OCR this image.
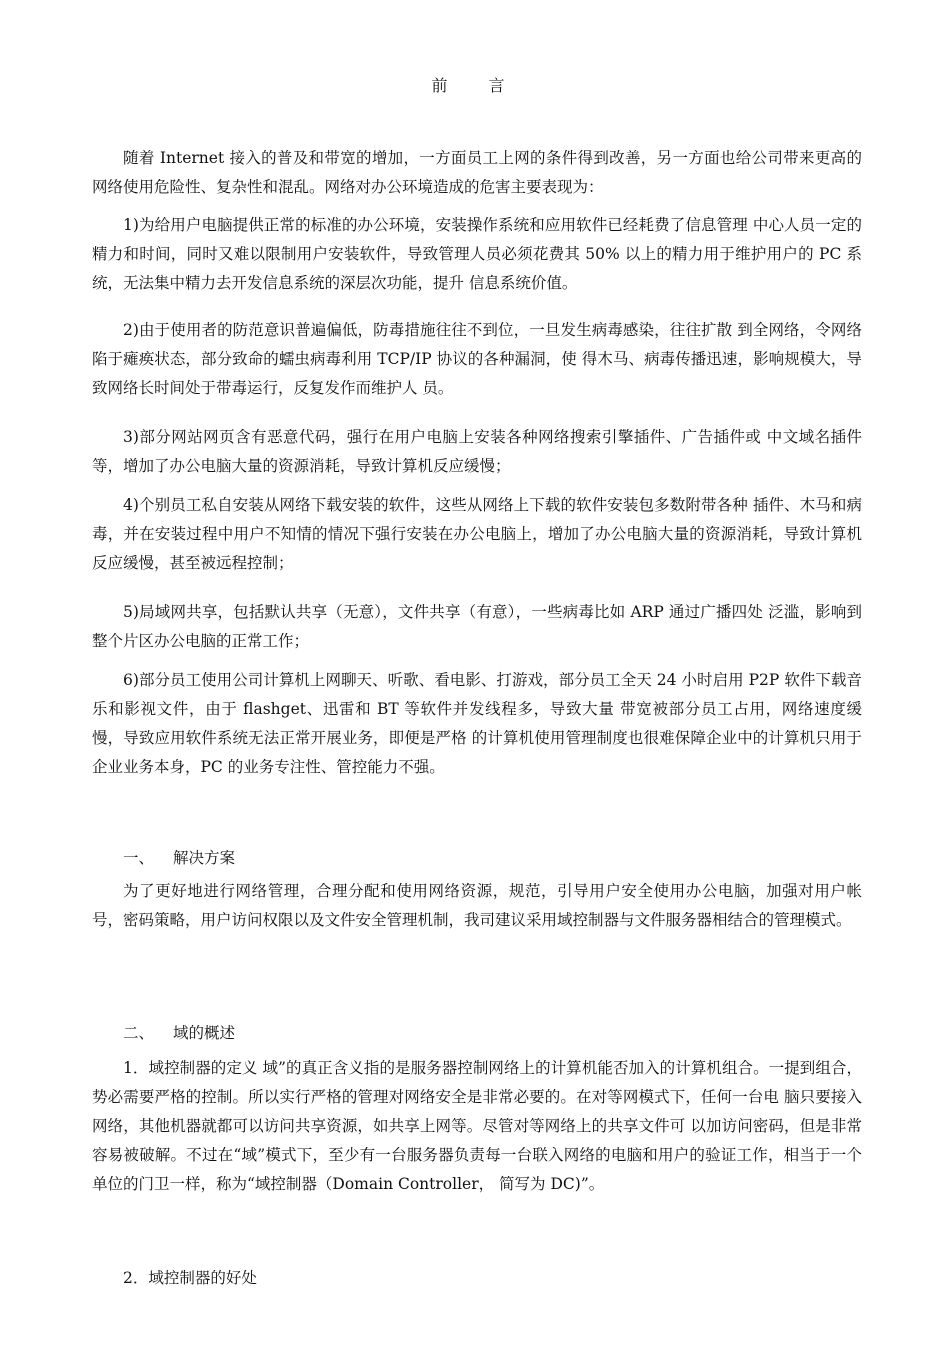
前 言

随着 Internet 接入的普及和带宽的增加，一方面员工上网的条件得到改善，另一方面也给公司带来更高的网络使用危险性、复杂性和混乱。网络对办公环境造成的危害主要表现为：

1)为给用户电脑提供正常的标准的办公环境，安装操作系统和应用软件已经耗费了信息管理 中心人员一定的精力和时间，同时又难以限制用户安装软件，导致管理人员必须花费其 50% 以上的精力用于维护用户的 PC 系统，无法集中精力去开发信息系统的深层次功能，提升 信息系统价值。

2)由于使用者的防范意识普遍偏低，防毒措施往往不到位，一旦发生病毒感染，往往扩散 到全网络，令网络陷于瘫痪状态，部分致命的蠕虫病毒利用 TCP/IP 协议的各种漏洞，使 得木马、病毒传播迅速，影响规模大，导致网络长时间处于带毒运行，反复发作而维护人 员。

3)部分网站网页含有恶意代码，强行在用户电脑上安装各种网络搜索引擎插件、广告插件或 中文域名插件等，增加了办公电脑大量的资源消耗，导致计算机反应缓慢；

4)个别员工私自安装从网络下载安装的软件，这些从网络上下载的软件安装包多数附带各种 插件、木马和病毒，并在安装过程中用户不知情的情况下强行安装在办公电脑上，增加了办公电脑大量的资源消耗，导致计算机反应缓慢，甚至被远程控制；

5)局域网共享，包括默认共享（无意），文件共享（有意），一些病毒比如 ARP 通过广播四处 泛滥，影响到整个片区办公电脑的正常工作；

6)部分员工使用公司计算机上网聊天、听歌、看电影、打游戏，部分员工全天 24 小时启用 P2P 软件下载音乐和影视文件，由于 flashget、迅雷和 BT 等软件并发线程多，导致大量 带宽被部分员工占用，网络速度缓慢，导致应用软件系统无法正常开展业务，即便是严格 的计算机使用管理制度也很难保障企业中的计算机只用于企业业务本身，PC 的业务专注性、管控能力不强。

一、 解决方案

为了更好地进行网络管理，合理分配和使用网络资源，规范，引导用户安全使用办公电脑，加强对用户帐号，密码策略，用户访问权限以及文件安全管理机制，我司建议采用域控制器与文件服务器相结合的管理模式。

二、 域的概述

1．域控制器的定义 域”的真正含义指的是服务器控制网络上的计算机能否加入的计算机组合。一提到组合，势必需要严格的控制。所以实行严格的管理对网络安全是非常必要的。在对等网模式下，任何一台电 脑只要接入网络，其他机器就都可以访问共享资源，如共享上网等。尽管对等网络上的共享文件可 以加访问密码，但是非常容易被破解。不过在“域”模式下，至少有一台服务器负责每一台联入网络的电脑和用户的验证工作，相当于一个单位的门卫一样，称为“域控制器（Domain Controller， 简写为 DC)”。

2．域控制器的好处
